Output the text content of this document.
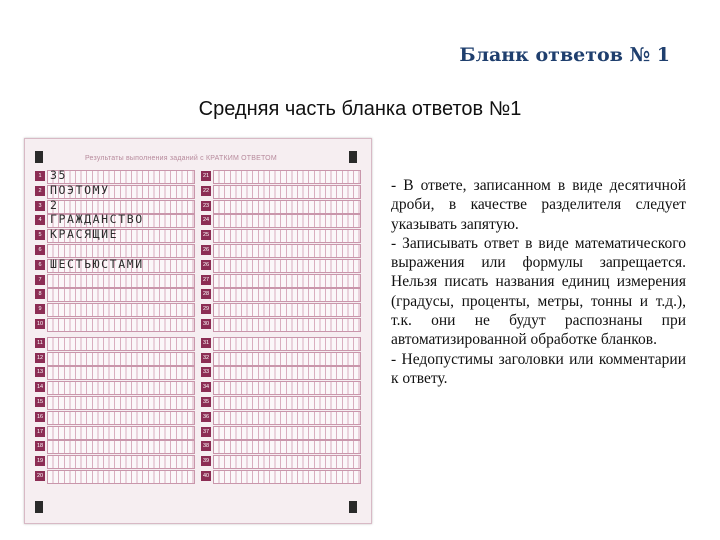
Бланк ответов № 1
Средняя часть бланка ответов №1
Результаты выполнения заданий с КРАТКИМ ОТВЕТОМ
1 35
2 ПОЭТОМУ
3 2
4 ГРАЖДАНСТВО
5 КРАСЯЩИЕ
6
6 ШЕСТЬЮСТАМИ
7
8
9
10
11
12
13
14
15
16
17
18
19
20
21
22
23
24
25
26
26
27
28
29
30
31
32
33
34
35
36
37
38
39
40

- В ответе, записанном в виде десятичной дроби, в качестве разделителя следует указывать запятую.

- Записывать ответ в виде математического выражения или формулы запрещается. Нельзя писать названия единиц измерения (градусы, проценты, метры, тонны и т.д.), т.к. они не будут распознаны при автоматизированной обработке бланков.

- Недопустимы заголовки или комментарии к ответу.
